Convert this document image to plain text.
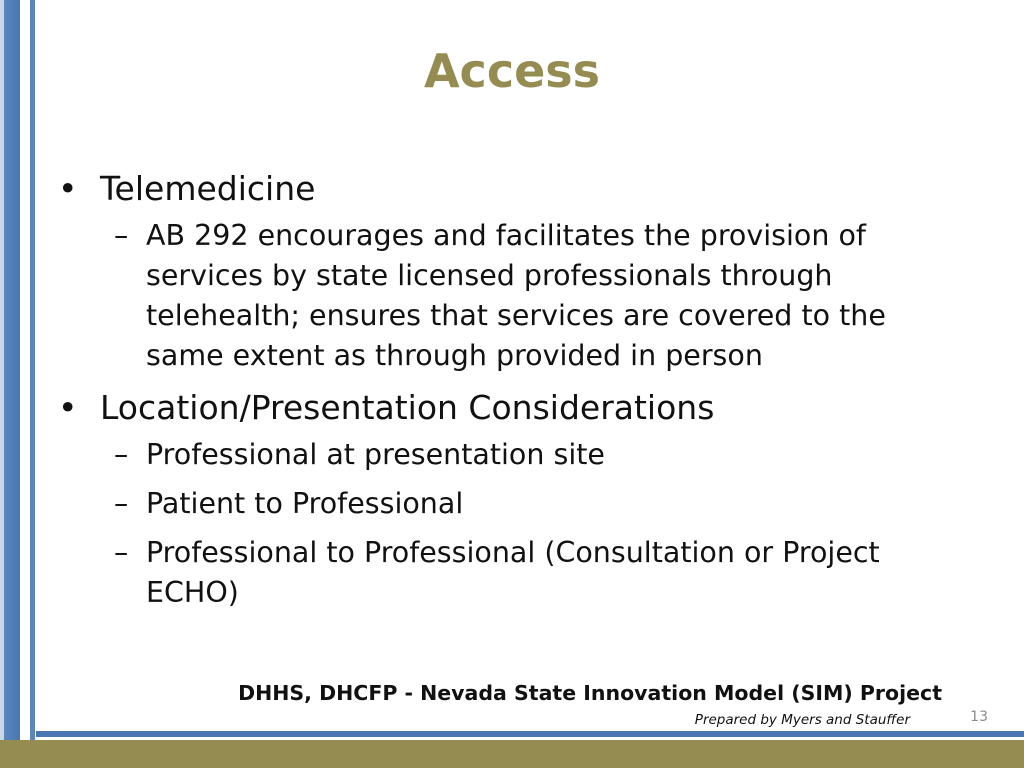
Access
• Telemedicine
– AB 292 encourages and facilitates the provision of services by state licensed professionals through telehealth; ensures that services are covered to the same extent as through provided in person
• Location/Presentation Considerations
– Professional at presentation site
– Patient to Professional
– Professional to Professional (Consultation or Project ECHO)
DHHS, DHCFP - Nevada State Innovation Model (SIM) Project
Prepared by Myers and Stauffer	13
